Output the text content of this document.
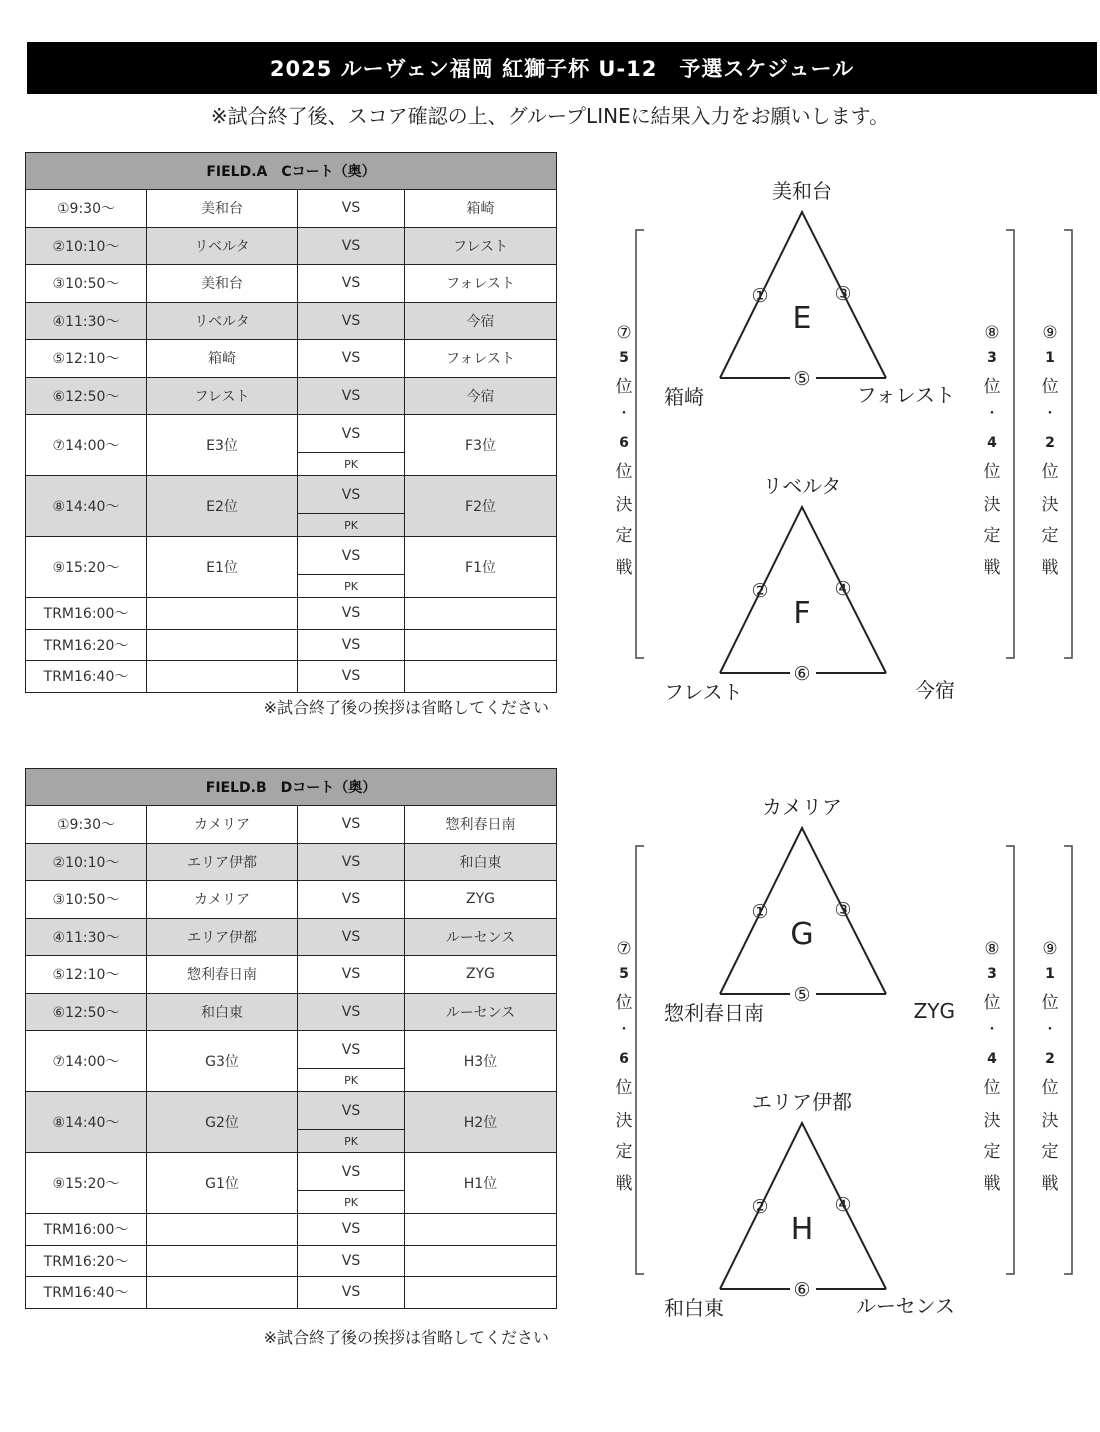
2025 ルーヴェン福岡 紅獅子杯 U-12　予選スケジュール
※試合終了後、スコア確認の上、グループLINEに結果入力をお願いします。
FIELD.A　Cコート（奥）			
①9:30〜	美和台	VS	箱崎
②10:10〜	リベルタ	VS	フレスト
③10:50〜	美和台	VS	フォレスト
④11:30〜	リベルタ	VS	今宿
⑤12:10〜	箱崎	VS	フォレスト
⑥12:50〜	フレスト	VS	今宿
⑦14:00〜	E3位	VS	F3位
		PK	
⑧14:40〜	E2位	VS	F2位
		PK	
⑨15:20〜	E1位	VS	F1位
		PK	
TRM16:00〜		VS	
TRM16:20〜		VS	
TRM16:40〜		VS	
※試合終了後の挨拶は省略してください
美和台
E
①	③
⑤
箱崎	フォレスト
リベルタ
F
②	④
⑥
フレスト	今宿
⑦
5
位
・
6
位
決
定
戦
⑧
3
位
・
4
位
決
定
戦
⑨
1
位
・
2
位
決
定
戦
FIELD.B　Dコート（奥）			
①9:30〜	カメリア	VS	惣利春日南
②10:10〜	エリア伊都	VS	和白東
③10:50〜	カメリア	VS	ZYG
④11:30〜	エリア伊都	VS	ルーセンス
⑤12:10〜	惣利春日南	VS	ZYG
⑥12:50〜	和白東	VS	ルーセンス
⑦14:00〜	G3位	VS	H3位
		PK	
⑧14:40〜	G2位	VS	H2位
		PK	
⑨15:20〜	G1位	VS	H1位
		PK	
TRM16:00〜		VS	
TRM16:20〜		VS	
TRM16:40〜		VS	
※試合終了後の挨拶は省略してください
カメリア
G
①	③
⑤
惣利春日南	ZYG
エリア伊都
H
②	④
⑥
和白東	ルーセンス
⑦
5
位
・
6
位
決
定
戦
⑧
3
位
・
4
位
決
定
戦
⑨
1
位
・
2
位
決
定
戦
